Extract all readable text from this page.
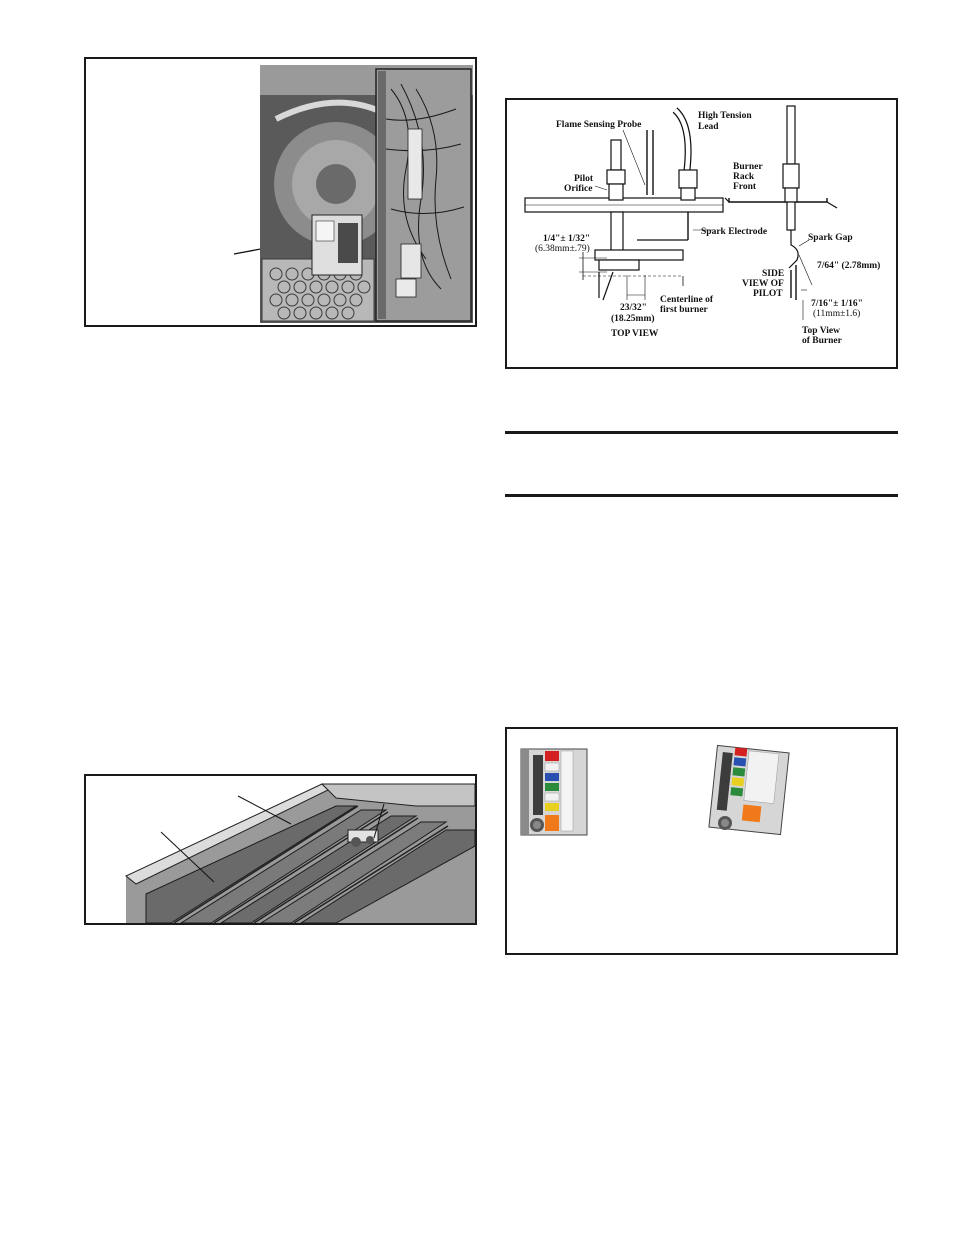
Flame Sensing Probe
High Tension
Lead
Burner
Rack
Front
Pilot
Orifice
1/4"± 1/32"
(6.38mm±.79)
Spark Electrode
Spark Gap
SIDE
VIEW OF
PILOT
7/64" (2.78mm)
23/32"
(18.25mm)
Centerline of
first burner
7/16"± 1/16"
(11mm±1.6)
TOP VIEW	Top View
of Burner
